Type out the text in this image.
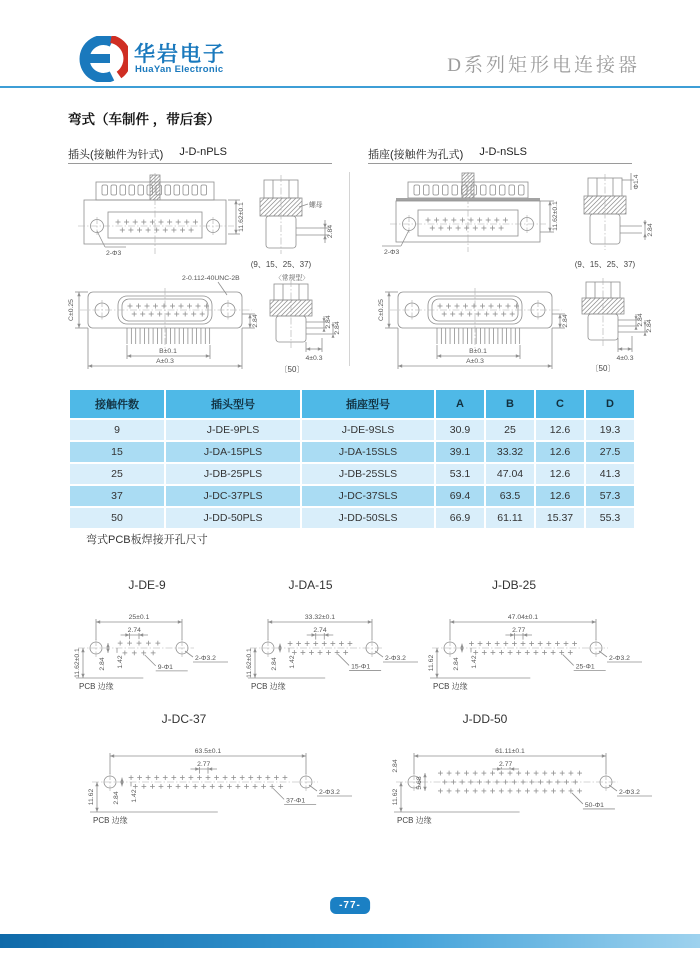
华岩电子
HuaYan Electronic	D系列矩形电连接器
弯式（车制件 ，带后套）
插头(接触件为针式) J-D-nPLS	插座(接触件为孔式) J-D-nSLS
11.62±0.1
2-Φ3
螺母
2.84
(9、15、25、37)
2-0.112-40UNC-2B
C±0.25
2.84
B±0.1
A±0.3
〈常规型〉
2.84 2.84
4±0.3
〔50〕
11.62±0.1
2-Φ3
Φ1.4
2.84
(9、15、25、37)
C±0.25
2.84
B±0.1
A±0.3
2.84 2.84
4±0.3
〔50〕
接触件数	插头型号	插座型号	A	B	C	D
9	J-DE-9PLS	J-DE-9SLS	30.9	25	12.6	19.3
15	J-DA-15PLS	J-DA-15SLS	39.1	33.32	12.6	27.5
25	J-DB-25PLS	J-DB-25SLS	53.1	47.04	12.6	41.3
37	J-DC-37PLS	J-DC-37SLS	69.4	63.5	12.6	57.3
50	J-DD-50PLS	J-DD-50SLS	66.9	61.11	15.37	55.3
弯式PCB板焊接开孔尺寸
J-DE-9
25±0.1
2.74
11.62±0.1	2.84 1.42	2-Φ3.2
9-Φ1
PCB 边缘
J-DA-15
33.32±0.1
2.74
11.62±0.1	2.84 1.42	2-Φ3.2
15-Φ1
PCB 边缘
J-DB-25
47.04±0.1
2.77
11.62	2.84 1.42	2-Φ3.2
25-Φ1
PCB 边缘
J-DC-37
63.5±0.1
2.77
11.62	2.84 1.42	2-Φ3.2
37-Φ1
PCB 边缘
J-DD-50
61.11±0.1
2.77
11.62
2.84
5.68
2-Φ3.2
50-Φ1
PCB 边缘
-77-
